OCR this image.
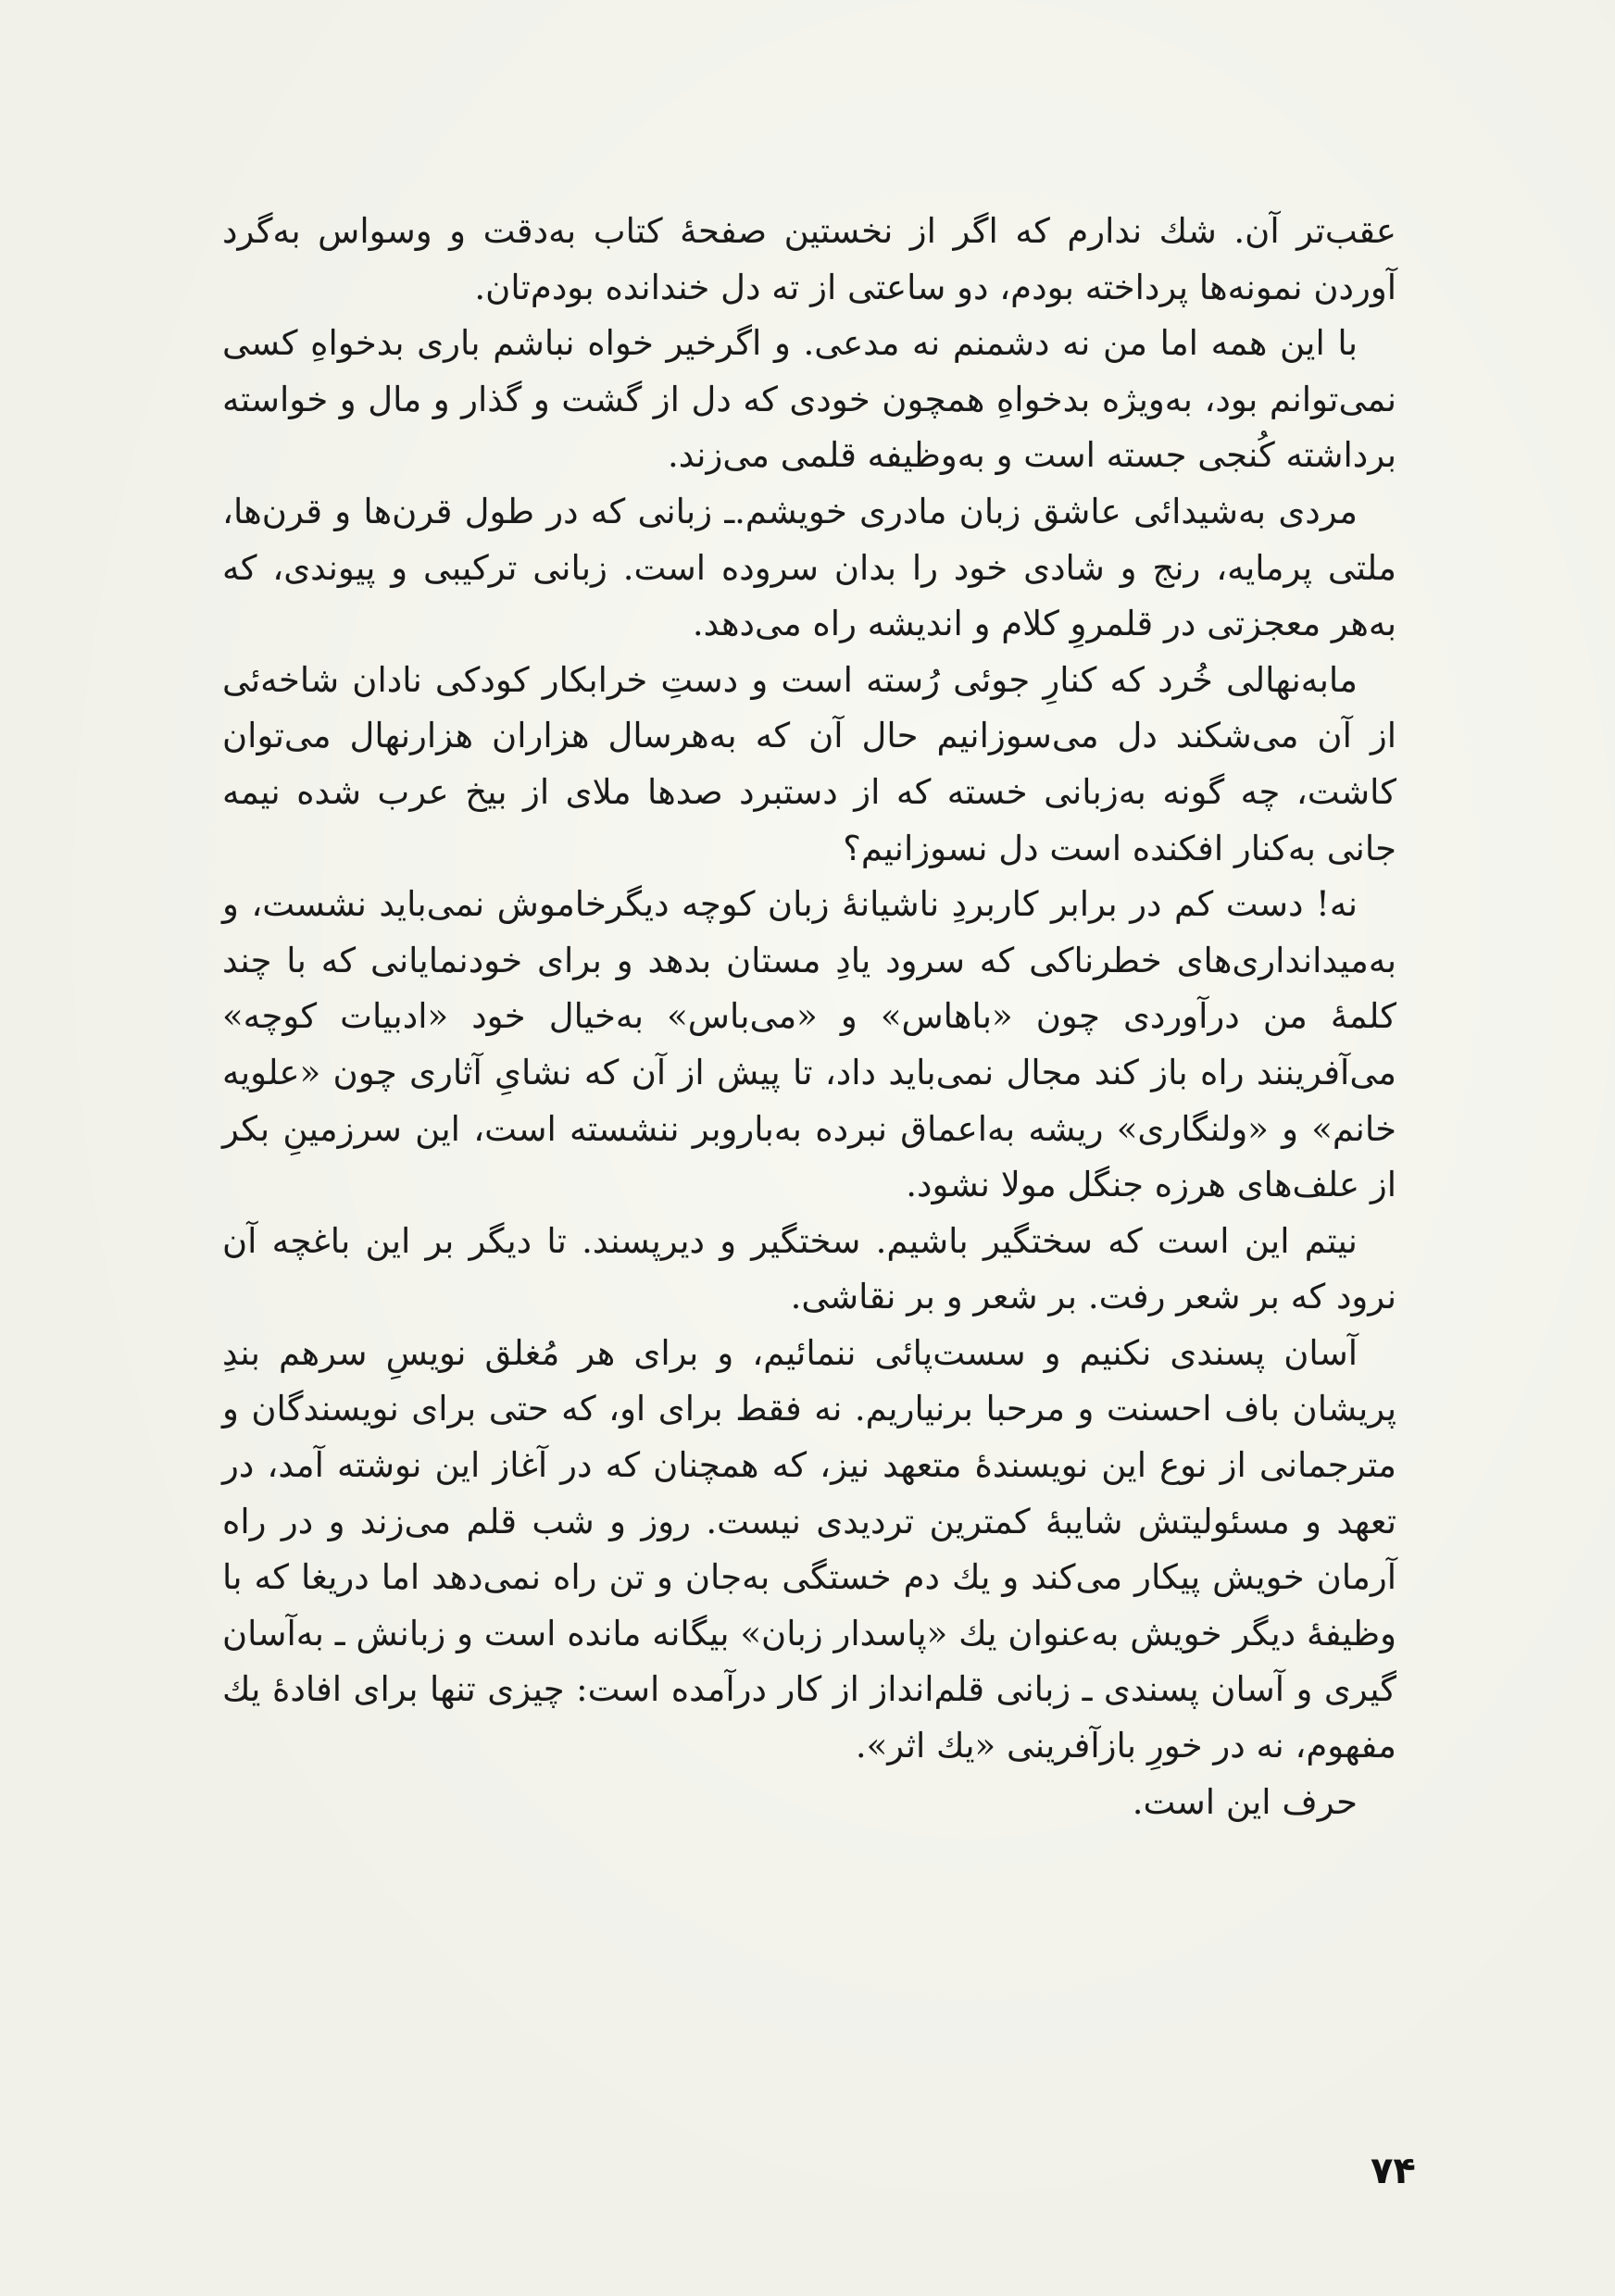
عقب‌تر آن. شك ندارم که اگر از نخستین صفحهٔ کتاب به‌دقت و وسواس به‌گرد آوردن نمونه‌ها پرداخته بودم، دو ساعتی از ته دل خندانده بودم‌تان.

با این همه اما من نه دشمنم نه مدعی. و اگرخیر خواه نباشم باری بدخواهِ کسی نمی‌توانم بود، به‌ویژه بدخواهِ همچون خودی که دل از گشت و گذار و مال و خواسته برداشته کُنجی جسته است و به‌وظیفه قلمی می‌زند.

مردی به‌شیدائی عاشق زبان مادری خویشم.ـ زبانی که در طول قرن‌ها و قرن‌ها، ملتی پرمایه، رنج و شادی خود را بدان سروده است. زبانی ترکیبی و پیوندی، که به‌هر معجزتی در قلمروِ کلام و اندیشه راه می‌دهد.

مابه‌نهالی خُرد که کنارِ جوئی رُسته است و دستِ خرابکار کودکی نادان شاخه‌ئی از آن می‌شکند دل می‌سوزانیم حال آن که به‌هرسال هزاران هزارنهال می‌توان کاشت، چه گونه به‌زبانی خسته که از دستبرد صدها ملای از بیخ عرب شده نیمه جانی به‌کنار افکنده است دل نسوزانیم؟

نه! دست کم در برابر کاربردِ ناشیانهٔ زبان کوچه دیگرخاموش نمی‌باید نشست، و به‌میدانداری‌های خطرناکی که سرود یادِ مستان بدهد و برای خودنمایانی که با چند کلمهٔ من درآوردی چون «باهاس» و «می‌باس» به‌خیال خود «ادبیات کوچه» می‌آفرینند راه باز کند مجال نمی‌باید داد، تا پیش از آن که نشایِ آثاری چون «علویه خانم» و «ولنگاری» ریشه به‌اعماق نبرده به‌باروبر ننشسته است، این سرزمینِ بکر از علف‌های هرزه جنگل مولا نشود.

نیتم این است که سختگیر باشیم. سختگیر و دیرپسند. تا دیگر بر این باغچه آن نرود که بر شعر رفت. بر شعر و بر نقاشی.

آسان پسندی نکنیم و سست‌پائی ننمائیم، و برای هر مُغلق نویسِ سرهم بندِ پریشان باف احسنت و مرحبا برنیاریم. نه فقط برای او، که حتی برای نویسندگان و مترجمانی از نوع این نویسندهٔ متعهد نیز، که همچنان که در آغاز این نوشته آمد، در تعهد و مسئولیتش شایبهٔ کمترین تردیدی نیست. روز و شب قلم می‌زند و در راه آرمان خویش پیکار می‌کند و یك دم خستگی به‌جان و تن راه نمی‌دهد اما دریغا که با وظیفهٔ دیگر خویش به‌عنوان یك «پاسدار زبان» بیگانه مانده است و زبانش ـ به‌آسان گیری و آسان پسندی ـ زبانی قلم‌انداز از کار درآمده است: چیزی تنها برای افادهٔ یك مفهوم، نه در خورِ بازآفرینی «یك اثر».

حرف این است.

۷۴
